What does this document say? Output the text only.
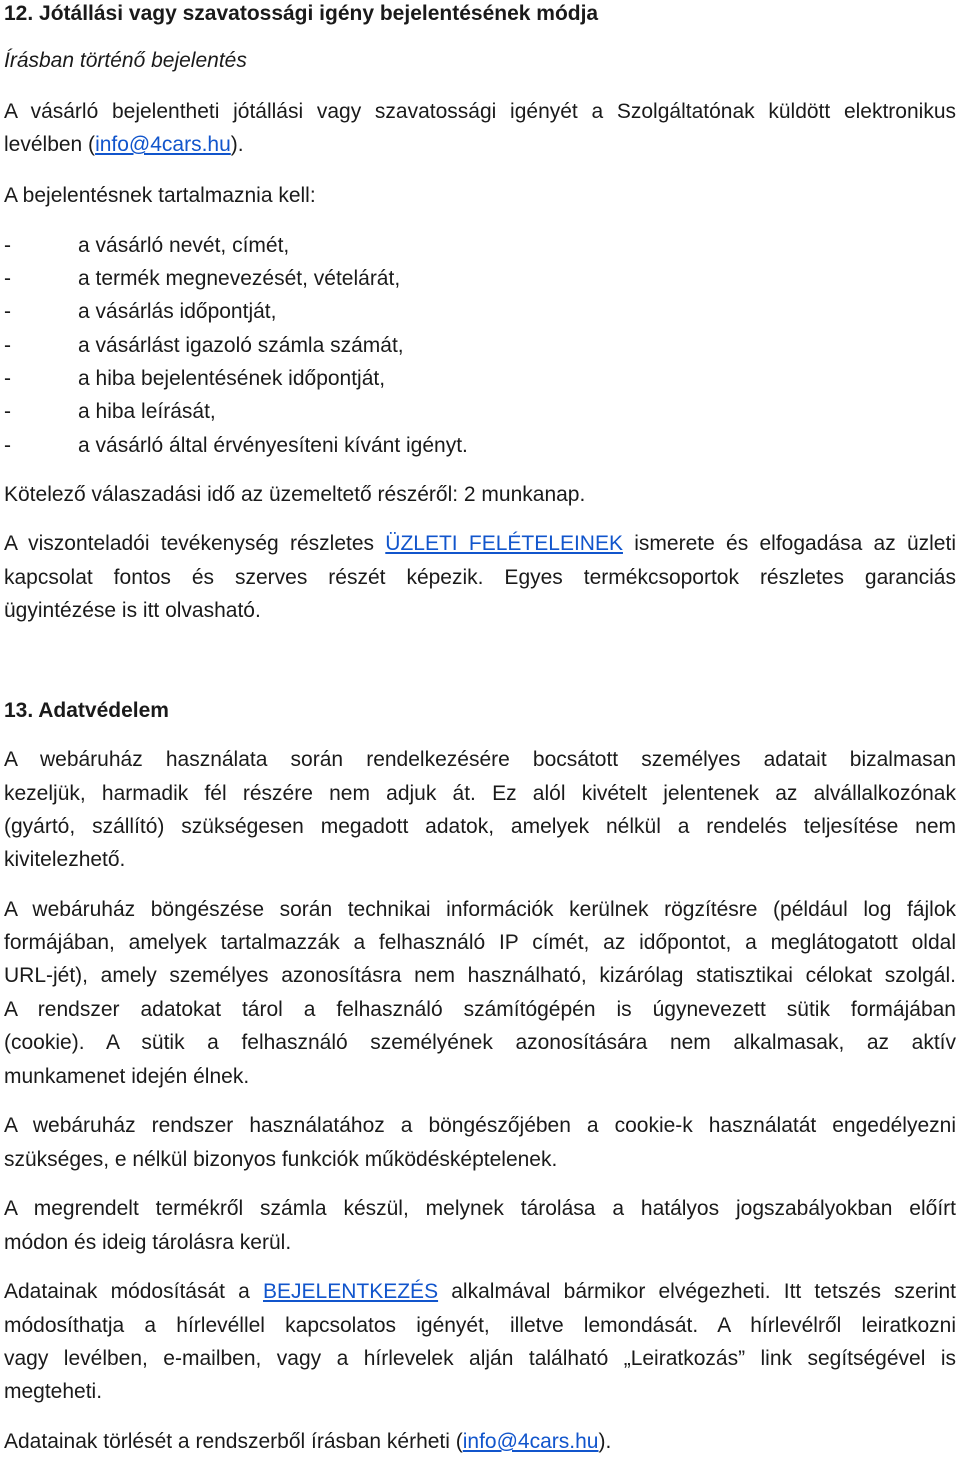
12. Jótállási vagy szavatossági igény bejelentésének módja
Írásban történő bejelentés
A vásárló bejelentheti jótállási vagy szavatossági igényét a Szolgáltatónak küldött elektronikus
levélben (info@4cars.hu).
A bejelentésnek tartalmaznia kell:
-	a vásárló nevét, címét,
-	a termék megnevezését, vételárát,
-	a vásárlás időpontját,
-	a vásárlást igazoló számla számát,
-	a hiba bejelentésének időpontját,
-	a hiba leírását,
-	a vásárló által érvényesíteni kívánt igényt.
Kötelező válaszadási idő az üzemeltető részéről: 2 munkanap.
A viszonteladói tevékenység részletes ÜZLETI FELÉTELEINEK ismerete és elfogadása az üzleti
kapcsolat fontos és szerves részét képezik. Egyes termékcsoportok részletes garanciás
ügyintézése is itt olvasható.
13. Adatvédelem
A webáruház használata során rendelkezésére bocsátott személyes adatait bizalmasan
kezeljük, harmadik fél részére nem adjuk át. Ez alól kivételt jelentenek az alvállalkozónak
(gyártó, szállító) szükségesen megadott adatok, amelyek nélkül a rendelés teljesítése nem
kivitelezhető.
A webáruház böngészése során technikai információk kerülnek rögzítésre (például log fájlok
formájában, amelyek tartalmazzák a felhasználó IP címét, az időpontot, a meglátogatott oldal
URL-jét), amely személyes azonosításra nem használható, kizárólag statisztikai célokat szolgál.
A rendszer adatokat tárol a felhasználó számítógépén is úgynevezett sütik formájában
(cookie). A sütik a felhasználó személyének azonosítására nem alkalmasak, az aktív
munkamenet idején élnek.
A webáruház rendszer használatához a böngészőjében a cookie-k használatát engedélyezni
szükséges, e nélkül bizonyos funkciók működésképtelenek.
A megrendelt termékről számla készül, melynek tárolása a hatályos jogszabályokban előírt
módon és ideig tárolásra kerül.
Adatainak módosítását a BEJELENTKEZÉS alkalmával bármikor elvégezheti. Itt tetszés szerint
módosíthatja a hírlevéllel kapcsolatos igényét, illetve lemondását. A hírlevélről leiratkozni
vagy levélben, e-mailben, vagy a hírlevelek alján található „Leiratkozás” link segítségével is
megteheti.
Adatainak törlését a rendszerből írásban kérheti (info@4cars.hu).
